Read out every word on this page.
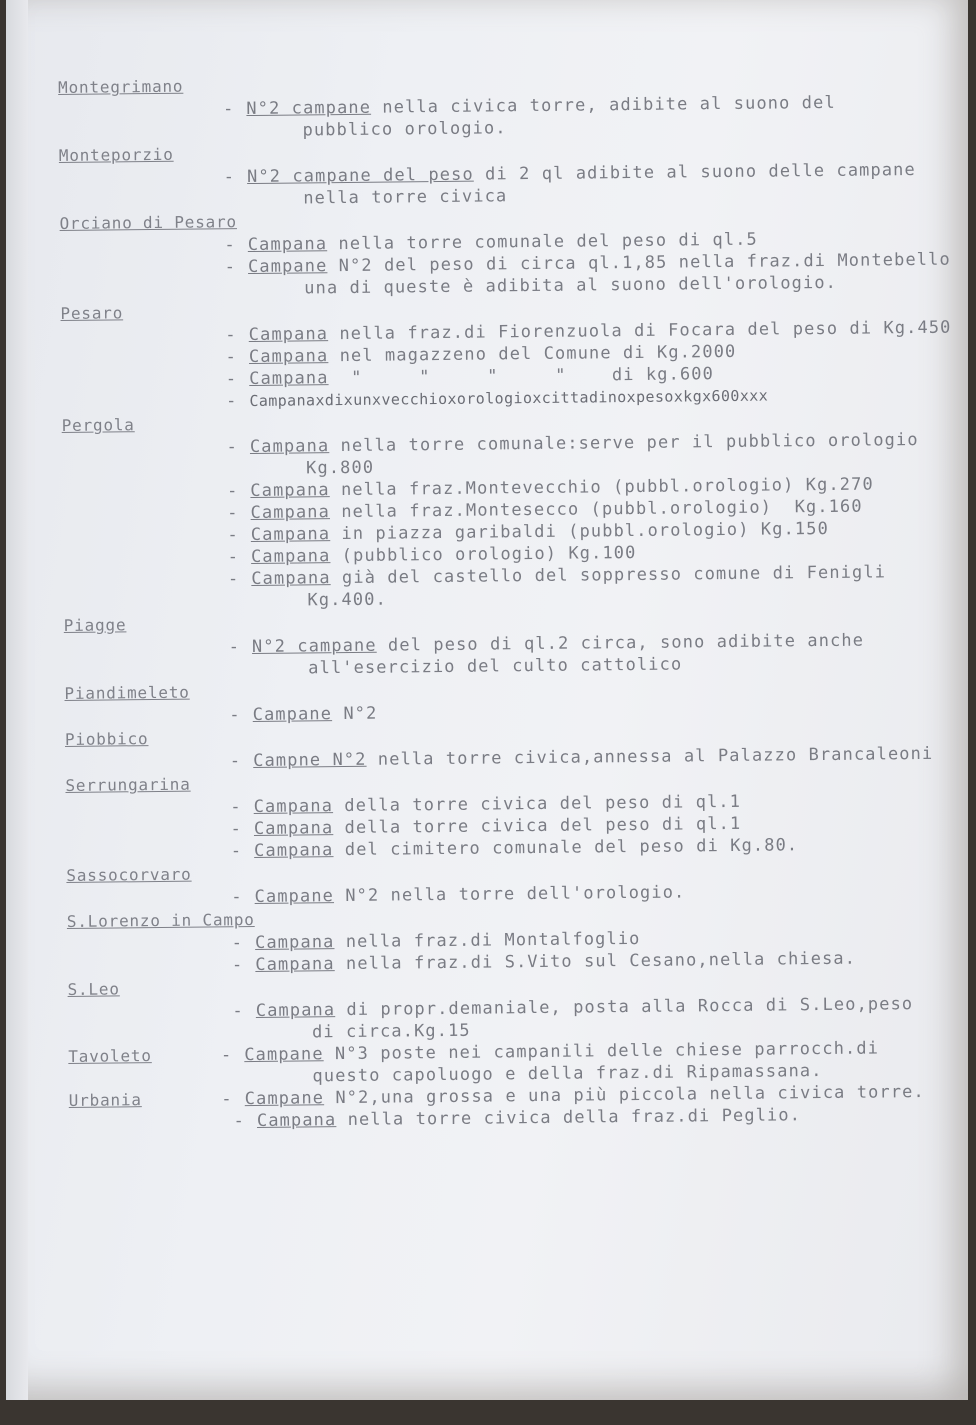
Montegrimano
- N°2 campane nella civica torre, adibite al suono del
pubblico orologio.
Monteporzio
- N°2 campane del peso di 2 ql adibite al suono delle campane
nella torre civica
Orciano di Pesaro
- Campana nella torre comunale del peso di ql.5
- Campane N°2 del peso di circa ql.1,85 nella fraz.di Montebello
una di queste è adibita al suono dell'orologio.
Pesaro
- Campana nella fraz.di Fiorenzuola di Focara del peso di Kg.450
- Campana nel magazzeno del Comune di Kg.2000
- Campana  "     "     "     "    di kg.600
- Campanaxdixunxvecchioxorologioxcittadinoxpesoxkgx600xxx
Pergola
- Campana nella torre comunale:serve per il pubblico orologio
Kg.800
- Campana nella fraz.Montevecchio (pubbl.orologio) Kg.270
- Campana nella fraz.Montesecco (pubbl.orologio)  Kg.160
- Campana in piazza garibaldi (pubbl.orologio) Kg.150
- Campana (pubblico orologio) Kg.100
- Campana già del castello del soppresso comune di Fenigli
Kg.400.
Piagge
- N°2 campane del peso di ql.2 circa, sono adibite anche
all'esercizio del culto cattolico
Piandimeleto
- Campane N°2
Piobbico
- Campne N°2 nella torre civica,annessa al Palazzo Brancaleoni
Serrungarina
- Campana della torre civica del peso di ql.1
- Campana della torre civica del peso di ql.1
- Campana del cimitero comunale del peso di Kg.80.
Sassocorvaro
- Campane N°2 nella torre dell'orologio.
S.Lorenzo in Campo
- Campana nella fraz.di Montalfoglio
- Campana nella fraz.di S.Vito sul Cesano,nella chiesa.
S.Leo
- Campana di propr.demaniale, posta alla Rocca di S.Leo,peso
di circa.Kg.15
Tavoleto	- Campane N°3 poste nei campanili delle chiese parrocch.di
questo capoluogo e della fraz.di Ripamassana.
Urbania	- Campane N°2,una grossa e una più piccola nella civica torre.
- Campana nella torre civica della fraz.di Peglio.
